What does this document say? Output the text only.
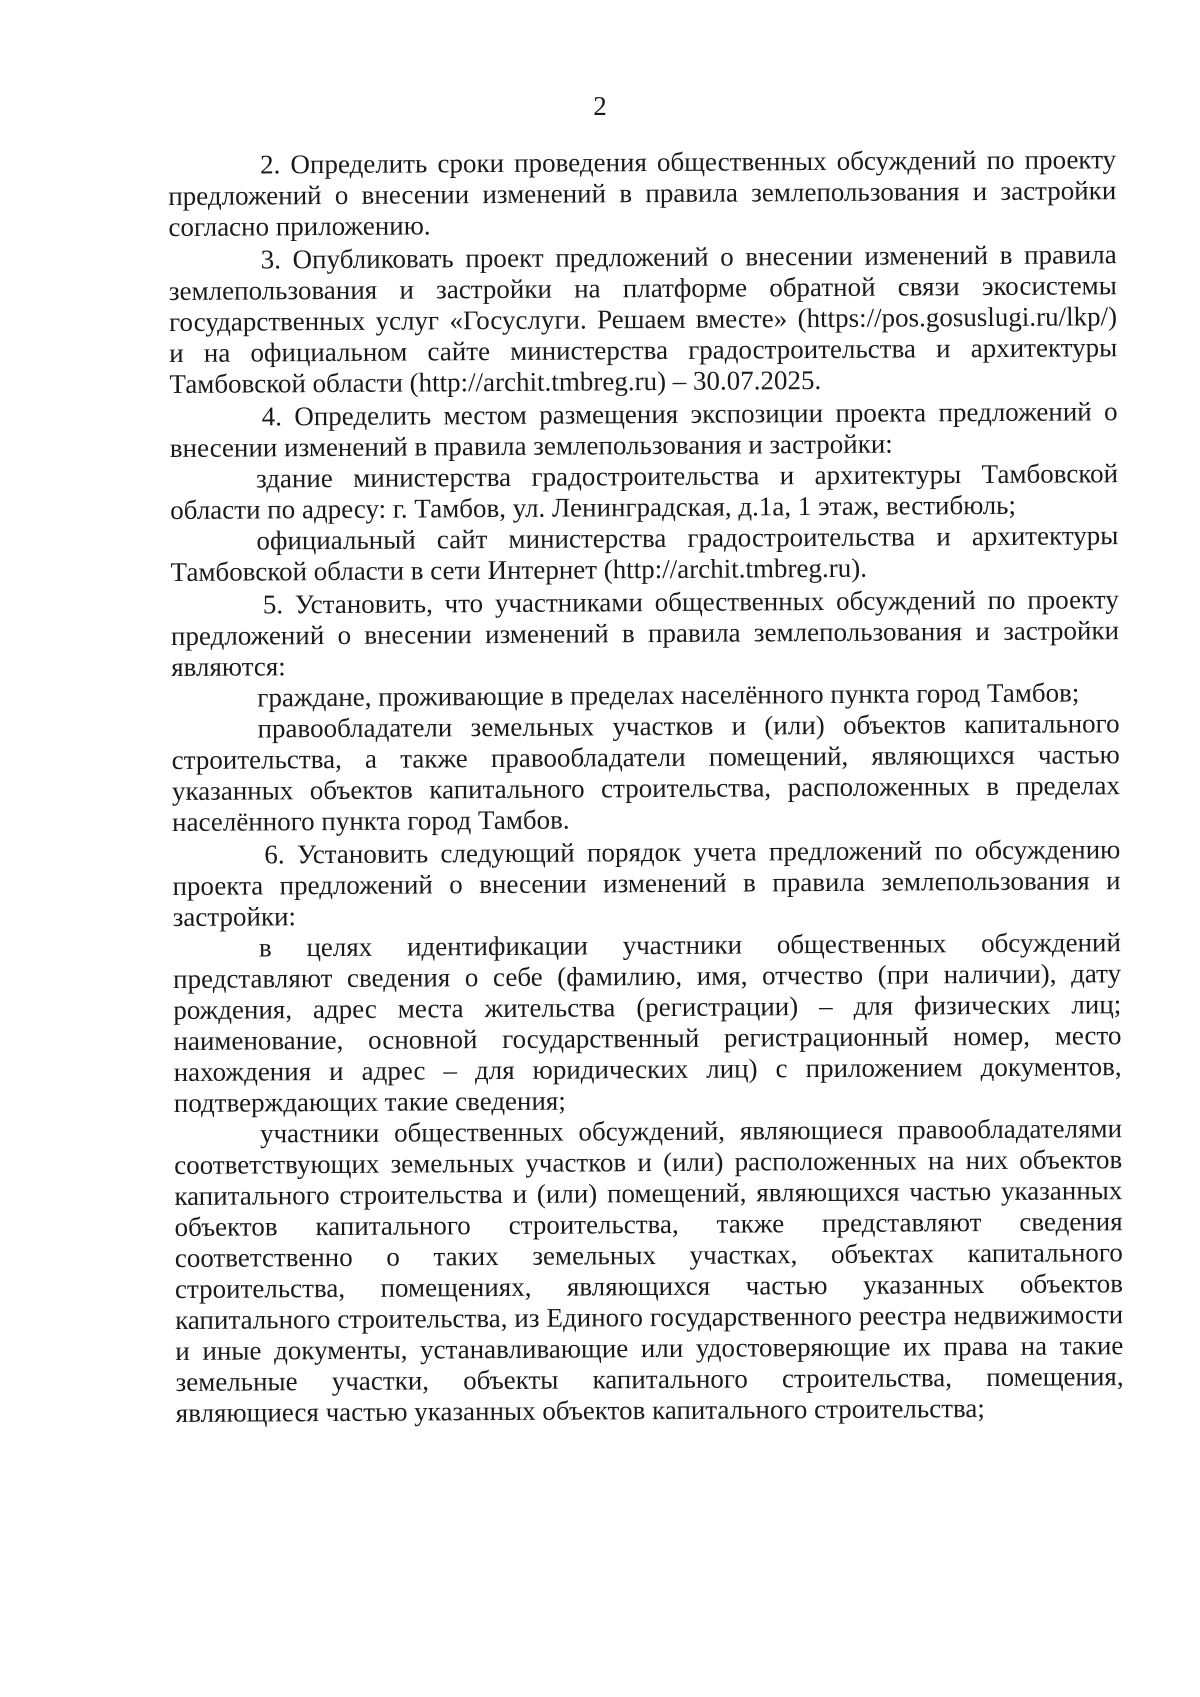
2

2. Определить сроки проведения общественных обсуждений по проекту предложений о внесении изменений в правила землепользования и застройки согласно приложению.

3. Опубликовать проект предложений о внесении изменений в правила землепользования и застройки на платформе обратной связи экосистемы государственных услуг «Госуслуги. Решаем вместе» (https://pos.gosuslugi.ru/lkp/) и на официальном сайте министерства градостроительства и архитектуры Тамбовской области (http://archit.tmbreg.ru) – 30.07.2025.

4. Определить местом размещения экспозиции проекта предложений о внесении изменений в правила землепользования и застройки:

здание министерства градостроительства и архитектуры Тамбовской области по адресу: г. Тамбов, ул. Ленинградская, д.1а, 1 этаж, вестибюль;

официальный сайт министерства градостроительства и архитектуры Тамбовской области в сети Интернет (http://archit.tmbreg.ru).

5. Установить, что участниками общественных обсуждений по проекту предложений о внесении изменений в правила землепользования и застройки являются:

граждане, проживающие в пределах населённого пункта город Тамбов;

правообладатели земельных участков и (или) объектов капитального строительства, а также правообладатели помещений, являющихся частью указанных объектов капитального строительства, расположенных в пределах населённого пункта город Тамбов.

6. Установить следующий порядок учета предложений по обсуждению проекта предложений о внесении изменений в правила землепользования и застройки:

в целях идентификации участники общественных обсуждений представляют сведения о себе (фамилию, имя, отчество (при наличии), дату рождения, адрес места жительства (регистрации) – для физических лиц; наименование, основной государственный регистрационный номер, место нахождения и адрес – для юридических лиц) с приложением документов, подтверждающих такие сведения;

участники общественных обсуждений, являющиеся правообладателями соответствующих земельных участков и (или) расположенных на них объектов капитального строительства и (или) помещений, являющихся частью указанных объектов капитального строительства, также представляют сведения соответственно о таких земельных участках, объектах капитального строительства, помещениях, являющихся частью указанных объектов капитального строительства, из Единого государственного реестра недвижимости и иные документы, устанавливающие или удостоверяющие их права на такие земельные участки, объекты капитального строительства, помещения, являющиеся частью указанных объектов капитального строительства;
